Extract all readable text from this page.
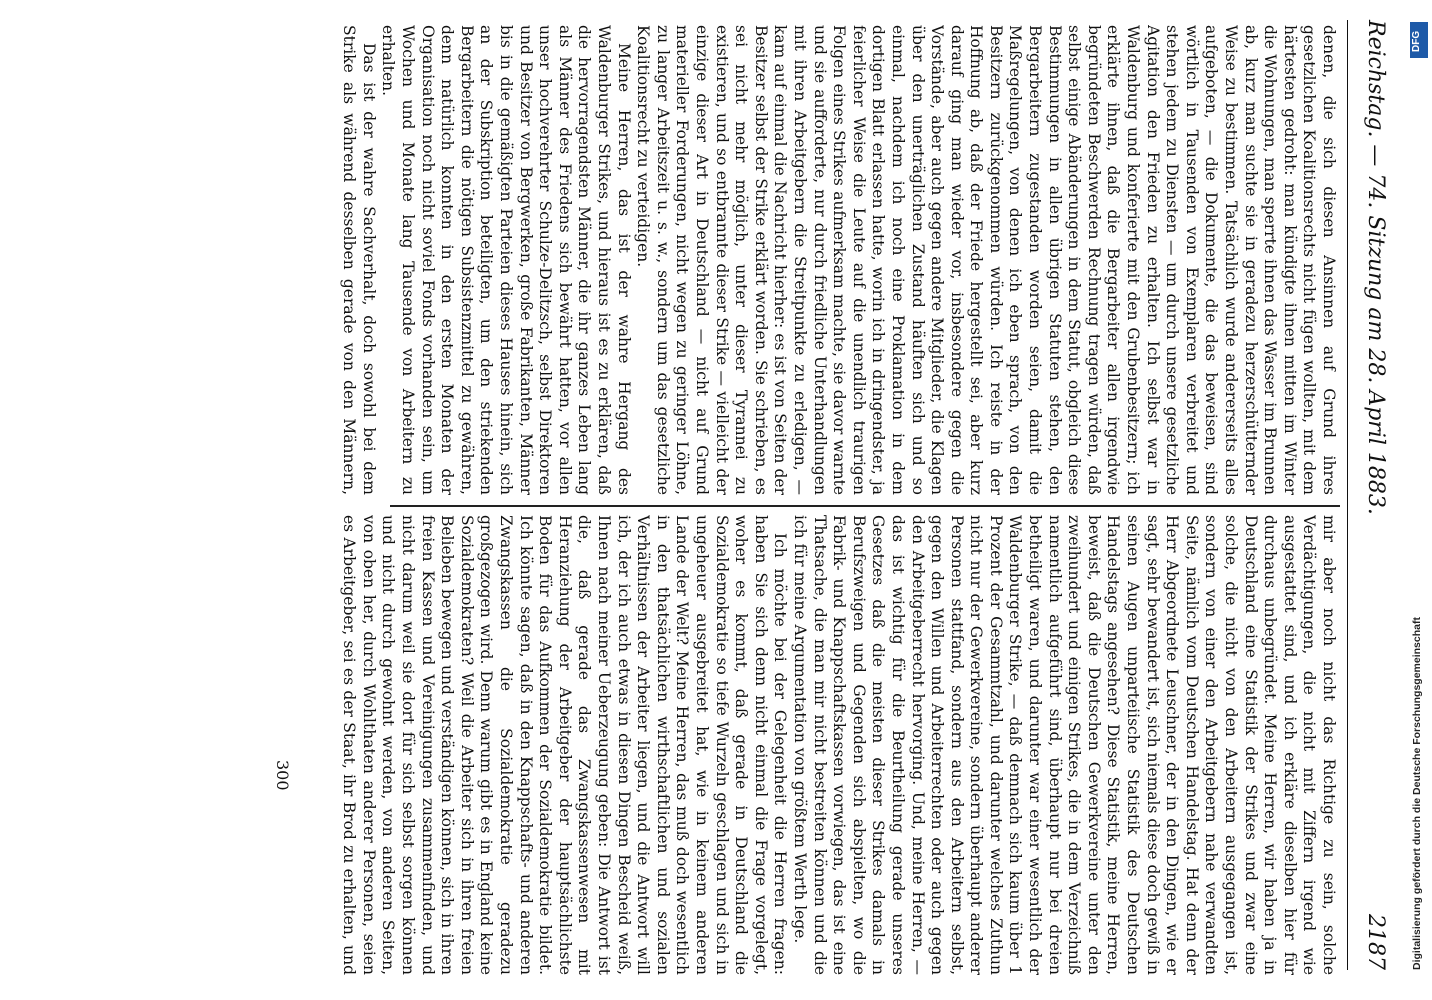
Reichstag. — 74. Sitzung am 28. April 1883.
2187

denen, die sich diesen Ansinnen auf Grund ihres gesetzlichen Koalitionsrechts nicht fügen wollten, mit dem härtesten gedroht: man kündigte ihnen mitten im Winter die Wohnungen, man sperrte ihnen das Wasser im Brunnen ab, kurz man suchte sie in geradezu herzerschütternder Weise zu bestimmen. Tatsächlich wurde andererseits alles aufgeboten, — die Dokumente, die das beweisen, sind wörtlich in Tausenden von Exemplaren verbreitet und stehen jedem zu Diensten — um durch unsere gesetzliche Agitation den Frieden zu erhalten. Ich selbst war in Waldenburg und konferierte mit den Grubenbesitzern; ich erklärte ihnen, daß die Bergarbeiter allen irgendwie begründeten Beschwerden Rechnung tragen würden, daß selbst einige Abänderungen in dem Statut, obgleich diese Bestimmungen in allen übrigen Statuten stehen, den Bergarbeitern zugestanden worden seien, damit die Maßregelungen, von denen ich eben sprach, von den Besitzern zurückgenommen würden. Ich reiste in der Hoffnung ab, daß der Friede hergestellt sei, aber kurz darauf ging man wieder vor, insbesondere gegen die Vorstände, aber auch gegen andere Mitglieder, die Klagen über den unerträglichen Zustand häuften sich und so einmal, nachdem ich noch eine Proklamation in dem dortigen Blatt erlassen hatte, worin ich in dringendster, ja feierlicher Weise die Leute auf die unendlich traurigen Folgen eines Strikes aufmerksam machte, sie davor warnte und sie aufforderte, nur durch friedliche Unterhandlungen mit ihren Arbeitgebern die Streitpunkte zu erledigen, — kam auf einmal die Nachricht hierher: es ist von Seiten der Besitzer selbst der Strike erklärt worden. Sie schrieben, es sei nicht mehr möglich, unter dieser Tyrannei zu existieren, und so entbrannte dieser Strike — vielleicht der einzige dieser Art in Deutschland — nicht auf Grund materieller Forderungen, nicht wegen zu geringer Löhne, zu langer Arbeitszeit u. s. w., sondern um das gesetzliche Koalitionsrecht zu verteidigen.

Meine Herren, das ist der wahre Hergang des Waldenburger Strikes, und hieraus ist es zu erklären, daß die hervorragendsten Männer, die ihr ganzes Leben lang als Männer des Friedens sich bewährt hatten, vor allen unser hochverehrter Schulze-Delitzsch, selbst Direktoren und Besitzer von Bergwerken, große Fabrikanten, Männer bis in die gemäßigten Parteien dieses Hauses hinein, sich an der Subskription beteiligten, um den striekenden Bergarbeitern die nötigen Subsistenzmittel zu gewähren, denn natürlich konnten in den ersten Monaten der Organisation noch nicht soviel Fonds vorhanden sein, um Wochen und Monate lang Tausende von Arbeitern zu erhalten.

Das ist der wahre Sachverhalt, doch sowohl bei dem Strike als während desselben gerade von den Männern,

mir aber noch nicht das Richtige zu sein, solche Verdächtigungen, die nicht mit Ziffern irgend wie ausgestattet sind, und ich erkläre dieselben hier für durchaus unbegründet. Meine Herren, wir haben ja in Deutschland eine Statistik der Strikes und zwar eine solche, die nicht von den Arbeitern ausgegangen ist, sondern von einer den Arbeitgebern nahe verwandten Seite, nämlich vom Deutschen Handelstag. Hat denn der Herr Abgeordnete Leuschner, der in den Dingen, wie er sagt, sehr bewandert ist, sich niemals diese doch gewiß in seinen Augen unparteiische Statistik des Deutschen Handelstags angesehen? Diese Statistik, meine Herren, beweist, daß die Deutschen Gewerkvereine unter den zweihundert und einigen Strikes, die in dem Verzeichniß namentlich aufgeführt sind, überhaupt nur bei dreien betheiligt waren, und darunter war einer wesentlich der Waldenburger Strike, — daß demnach sich kaum über 1 Prozent der Gesammtzahl, und darunter welches Zuthun nicht nur der Gewerkvereine, sondern überhaupt anderer Personen stattfand, sondern aus den Arbeitern selbst, gegen den Willen und Arbeiterrechten oder auch gegen den Arbeitgeberrecht hervorging. Und, meine Herren, — das ist wichtig für die Beurtheilung gerade unseres Gesetzes daß die meisten dieser Strikes damals in Berufszweigen und Gegenden sich abspielten, wo die Fabrik- und Knappschaftskassen vorwiegen, das ist eine Thatsache, die man mir nicht bestreiten können und die ich für meine Argumentation von größtem Werth lege.

Ich möchte bei der Gelegenheit die Herren fragen: haben Sie sich denn nicht einmal die Frage vorgelegt, woher es kommt, daß gerade in Deutschland die Sozialdemokratie so tiefe Wurzeln geschlagen und sich in ungeheuer ausgebreitet hat, wie in keinem anderen Lande der Welt? Meine Herren, das muß doch wesentlich in den thatsächlichen wirthschaftlichen und sozialen Verhältnissen der Arbeiter liegen, und die Antwort will ich, der ich auch etwas in diesen Dingen Bescheid weiß, Ihnen nach meiner Ueberzeugung geben: Die Antwort ist die, daß gerade das Zwangskassenwesen mit Heranziehung der Arbeitgeber der hauptsächlichste Boden für das Aufkommen der Sozialdemokratie bildet. Ich könnte sagen, daß in den Knappschafts- und anderen Zwangskassen die Sozialdemokratie geradezu großgezogen wird. Denn warum gibt es in England keine Sozialdemokraten? Weil die Arbeiter sich in ihren freien Belieben bewegen und verständigen können, sich in ihren freien Kassen und Vereinigungen zusammenfinden, und nicht darum weil sie dort für sich selbst sorgen können und nicht durch gewohnt werden, von anderen Seiten, von oben her, durch Wohlthaten anderer Personen, seien es Arbeitgeber, sei es der Staat, ihr Brod zu erhalten, und

300
DFG
Digitalisierung gefördert durch die Deutsche Forschungsgemeinschaft
